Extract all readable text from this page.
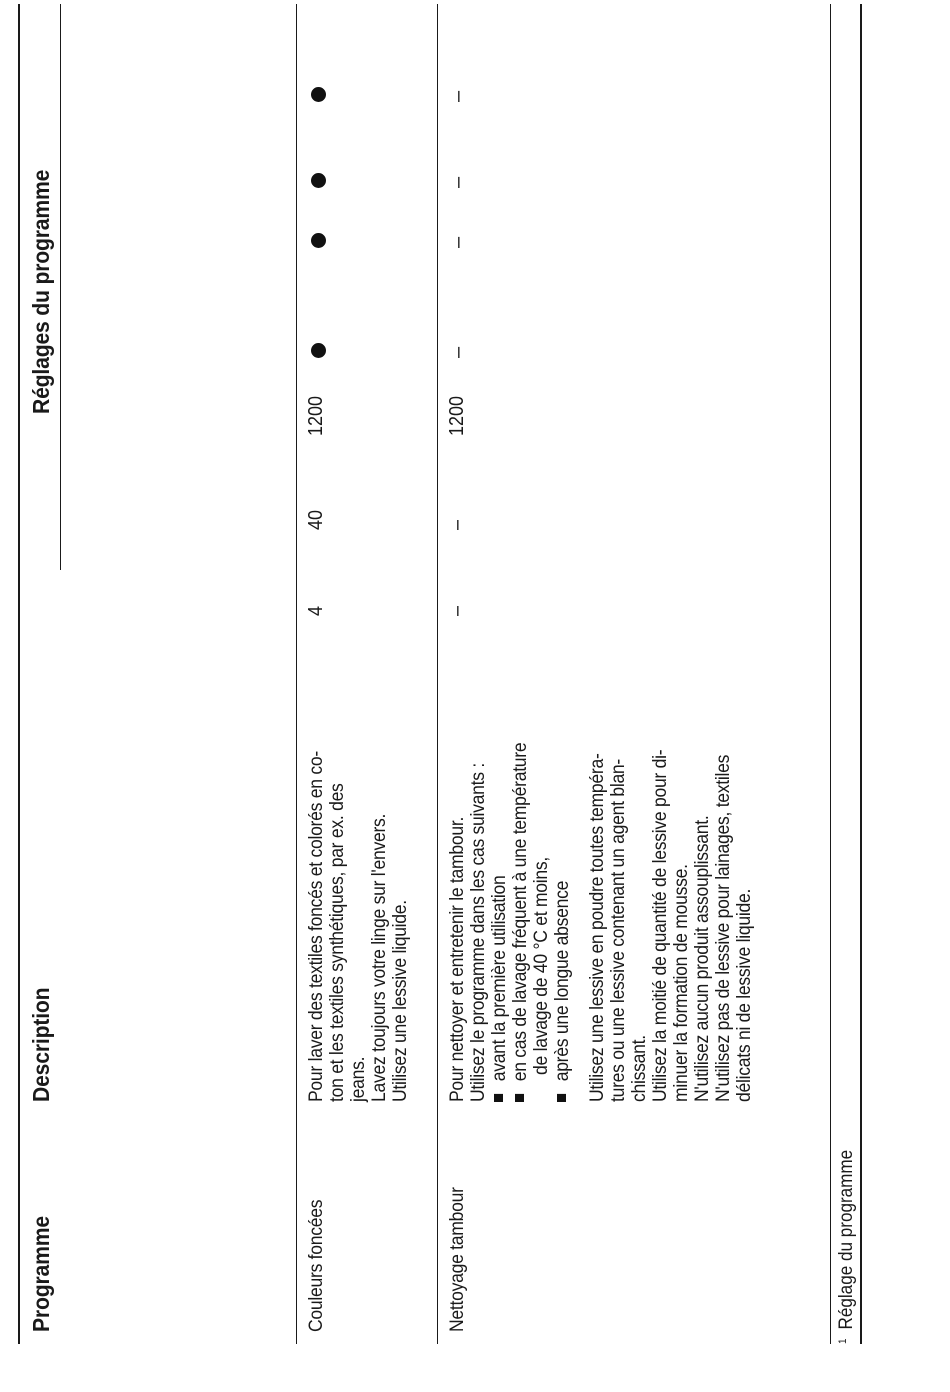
Programme
Description
Réglages du programme
Couleurs foncées
Pour laver des textiles foncés et colorés en co- ton et les textiles synthétiques, par ex. des jeans. Lavez toujours votre linge sur l'envers. Utilisez une lessive liquide.
4
40
1200
Nettoyage tambour
Pour nettoyer et entretenir le tambour. Utilisez le programme dans les cas suivants : avant la première utilisation en cas de lavage fréquent à une température de lavage de 40 °C et moins, après une longue absence Utilisez une lessive en poudre toutes tempéra- tures ou une lessive contenant un agent blan- chissant. Utilisez la moitié de quantité de lessive pour di- minuer la formation de mousse. N'utilisez aucun produit assouplissant. N'utilisez pas de lessive pour lainages, textiles délicats ni de lessive liquide.
–
–
1200
–
–
–
–
$^1$Réglage du programme
